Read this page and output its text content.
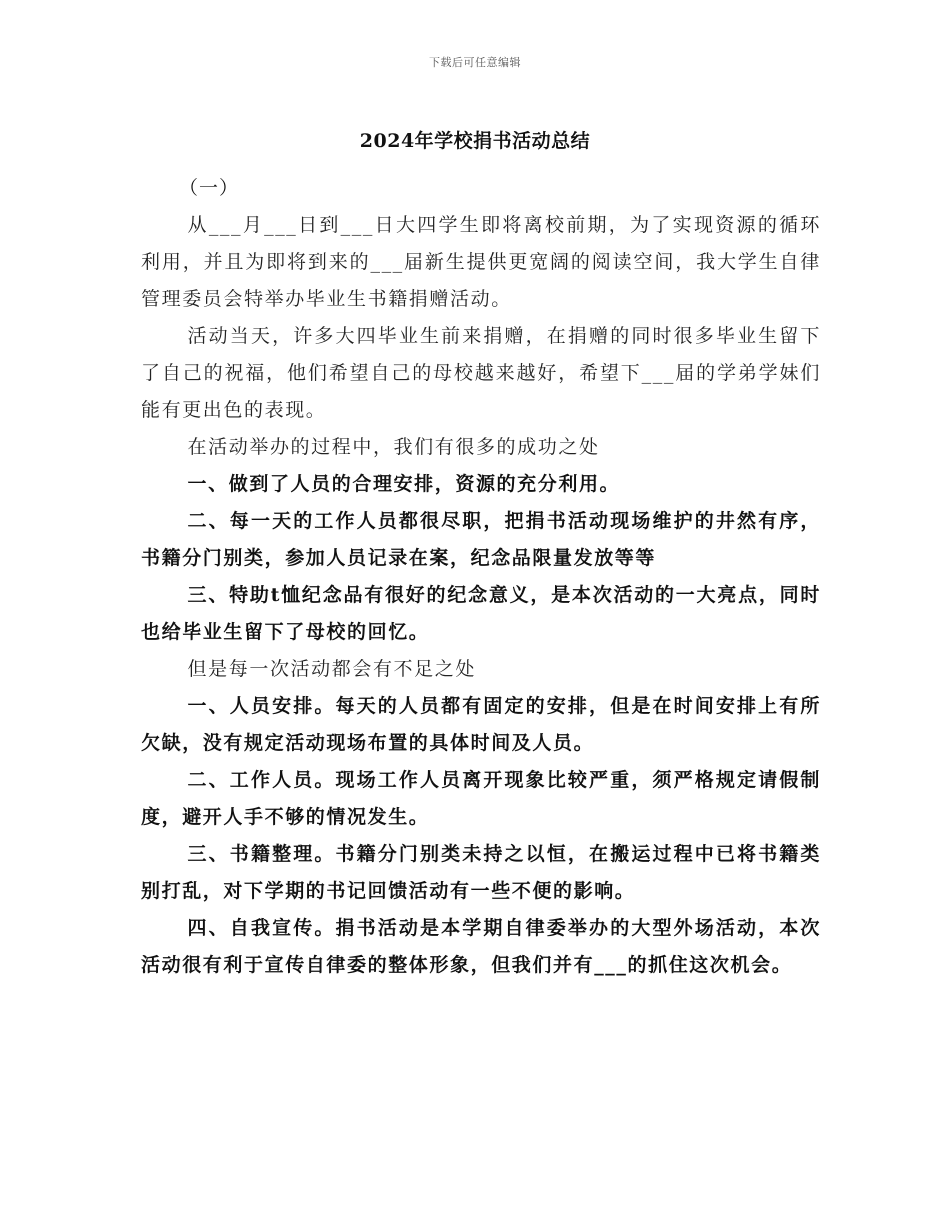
下载后可任意编辑
2024年学校捐书活动总结
（一）

从___月___日到___日大四学生即将离校前期，为了实现资源的循环利用，并且为即将到来的___届新生提供更宽阔的阅读空间，我大学生自律管理委员会特举办毕业生书籍捐赠活动。

活动当天，许多大四毕业生前来捐赠，在捐赠的同时很多毕业生留下了自己的祝福，他们希望自己的母校越来越好，希望下___届的学弟学妹们能有更出色的表现。

在活动举办的过程中，我们有很多的成功之处

一、做到了人员的合理安排，资源的充分利用。

二、每一天的工作人员都很尽职，把捐书活动现场维护的井然有序，书籍分门别类，参加人员记录在案，纪念品限量发放等等

三、特助t恤纪念品有很好的纪念意义，是本次活动的一大亮点，同时也给毕业生留下了母校的回忆。

但是每一次活动都会有不足之处

一、人员安排。每天的人员都有固定的安排，但是在时间安排上有所欠缺，没有规定活动现场布置的具体时间及人员。

二、工作人员。现场工作人员离开现象比较严重，须严格规定请假制度，避开人手不够的情况发生。

三、书籍整理。书籍分门别类未持之以恒，在搬运过程中已将书籍类别打乱，对下学期的书记回馈活动有一些不便的影响。

四、自我宣传。捐书活动是本学期自律委举办的大型外场活动，本次活动很有利于宣传自律委的整体形象，但我们并有___的抓住这次机会。
